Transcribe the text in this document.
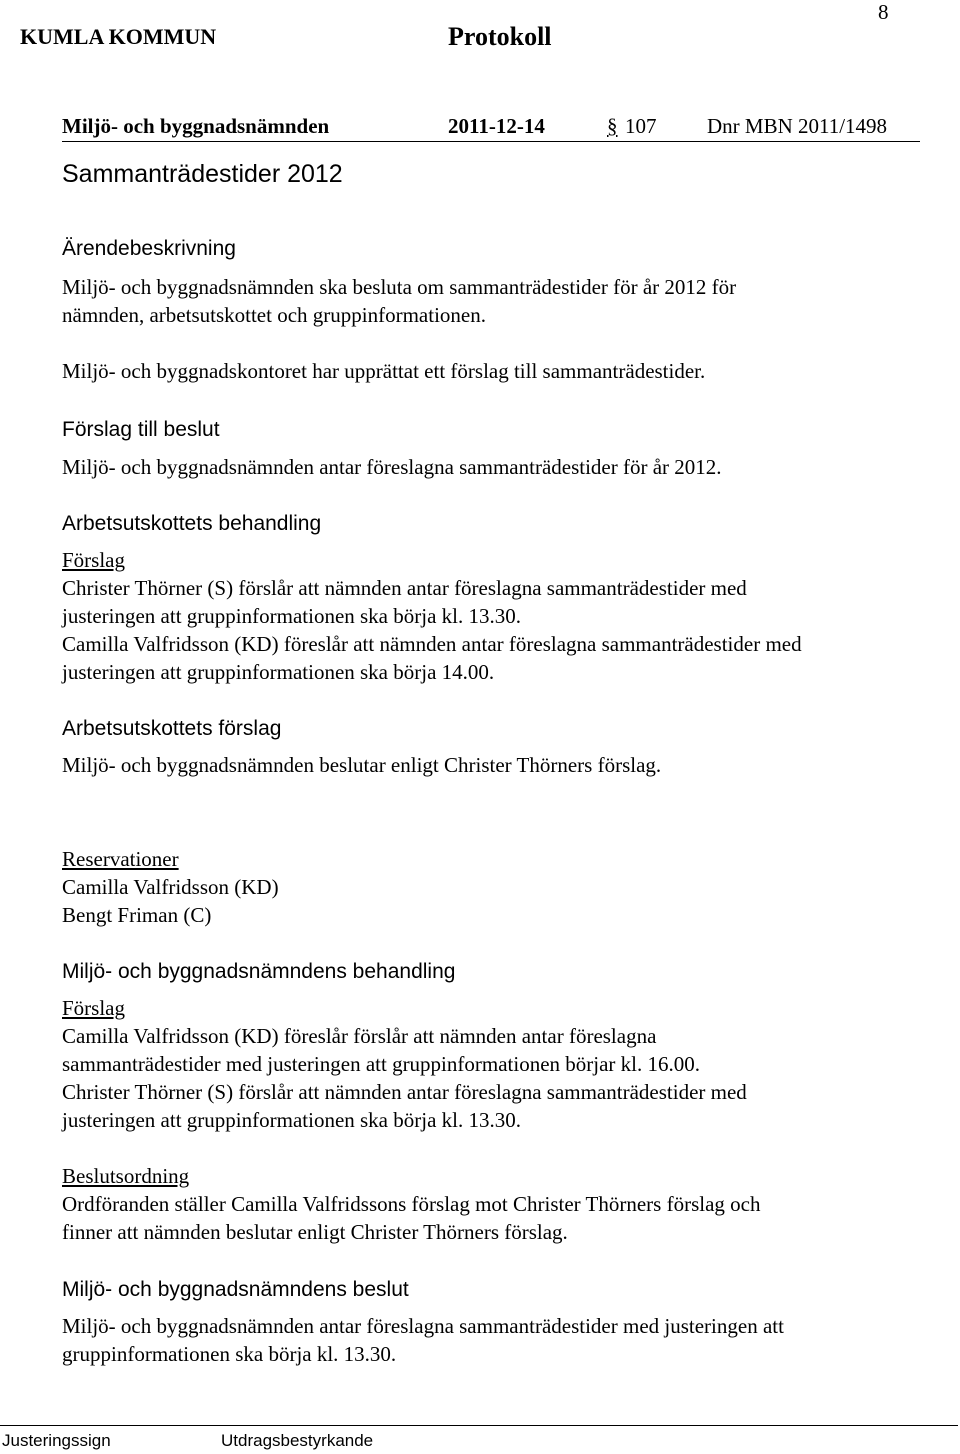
KUMLA KOMMUN	Protokoll
8
Miljö- och byggnadsnämnden	2011-12-14	§ 107 Dnr MBN 2011/1498
Sammanträdestider 2012
Ärendebeskrivning
Miljö- och byggnadsnämnden ska besluta om sammanträdestider för år 2012 för
nämnden, arbetsutskottet och gruppinformationen.
Miljö- och byggnadskontoret har upprättat ett förslag till sammanträdestider.
Förslag till beslut
Miljö- och byggnadsnämnden antar föreslagna sammanträdestider för år 2012.
Arbetsutskottets behandling
Förslag
Christer Thörner (S) förslår att nämnden antar föreslagna sammanträdestider med
justeringen att gruppinformationen ska börja kl. 13.30.
Camilla Valfridsson (KD) föreslår att nämnden antar föreslagna sammanträdestider med
justeringen att gruppinformationen ska börja 14.00.
Arbetsutskottets förslag
Miljö- och byggnadsnämnden beslutar enligt Christer Thörners förslag.
Reservationer
Camilla Valfridsson (KD)
Bengt Friman (C)
Miljö- och byggnadsnämndens behandling
Förslag
Camilla Valfridsson (KD) föreslår förslår att nämnden antar föreslagna
sammanträdestider med justeringen att gruppinformationen börjar kl. 16.00.
Christer Thörner (S) förslår att nämnden antar föreslagna sammanträdestider med
justeringen att gruppinformationen ska börja kl. 13.30.
Beslutsordning
Ordföranden ställer Camilla Valfridssons förslag mot Christer Thörners förslag och
finner att nämnden beslutar enligt Christer Thörners förslag.
Miljö- och byggnadsnämndens beslut
Miljö- och byggnadsnämnden antar föreslagna sammanträdestider med justeringen att
gruppinformationen ska börja kl. 13.30.
Justeringssign	Utdragsbestyrkande
